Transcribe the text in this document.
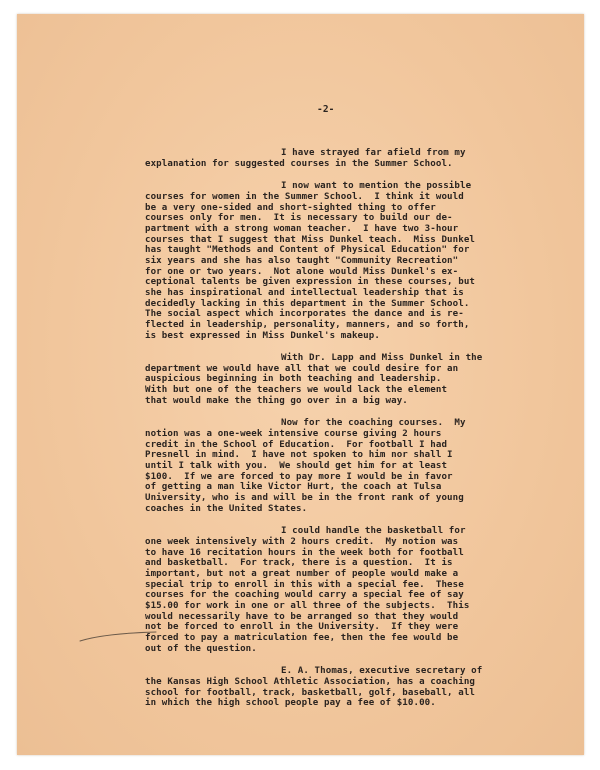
-2-
I have strayed far afield from my
explanation for suggested courses in the Summer School.
I now want to mention the possible
courses for women in the Summer School.  I think it would
be a very one-sided and short-sighted thing to offer
courses only for men.  It is necessary to build our de-
partment with a strong woman teacher.  I have two 3-hour
courses that I suggest that Miss Dunkel teach.  Miss Dunkel
has taught "Methods and Content of Physical Education" for
six years and she has also taught "Community Recreation"
for one or two years.  Not alone would Miss Dunkel's ex-
ceptional talents be given expression in these courses, but
she has inspirational and intellectual leadership that is
decidedly lacking in this department in the Summer School.
The social aspect which incorporates the dance and is re-
flected in leadership, personality, manners, and so forth,
is best expressed in Miss Dunkel's makeup.
With Dr. Lapp and Miss Dunkel in the
department we would have all that we could desire for an
auspicious beginning in both teaching and leadership.
With but one of the teachers we would lack the element
that would make the thing go over in a big way.
Now for the coaching courses.  My
notion was a one-week intensive course giving 2 hours
credit in the School of Education.  For football I had
Presnell in mind.  I have not spoken to him nor shall I
until I talk with you.  We should get him for at least
$100.  If we are forced to pay more I would be in favor
of getting a man like Victor Hurt, the coach at Tulsa
University, who is and will be in the front rank of young
coaches in the United States.
I could handle the basketball for
one week intensively with 2 hours credit.  My notion was
to have 16 recitation hours in the week both for football
and basketball.  For track, there is a question.  It is
important, but not a great number of people would make a
special trip to enroll in this with a special fee.  These
courses for the coaching would carry a special fee of say
$15.00 for work in one or all three of the subjects.  This
would necessarily have to be arranged so that they would
not be forced to enroll in the University.  If they were
forced to pay a matriculation fee, then the fee would be
out of the question.
E. A. Thomas, executive secretary of
the Kansas High School Athletic Association, has a coaching
school for football, track, basketball, golf, baseball, all
in which the high school people pay a fee of $10.00.
